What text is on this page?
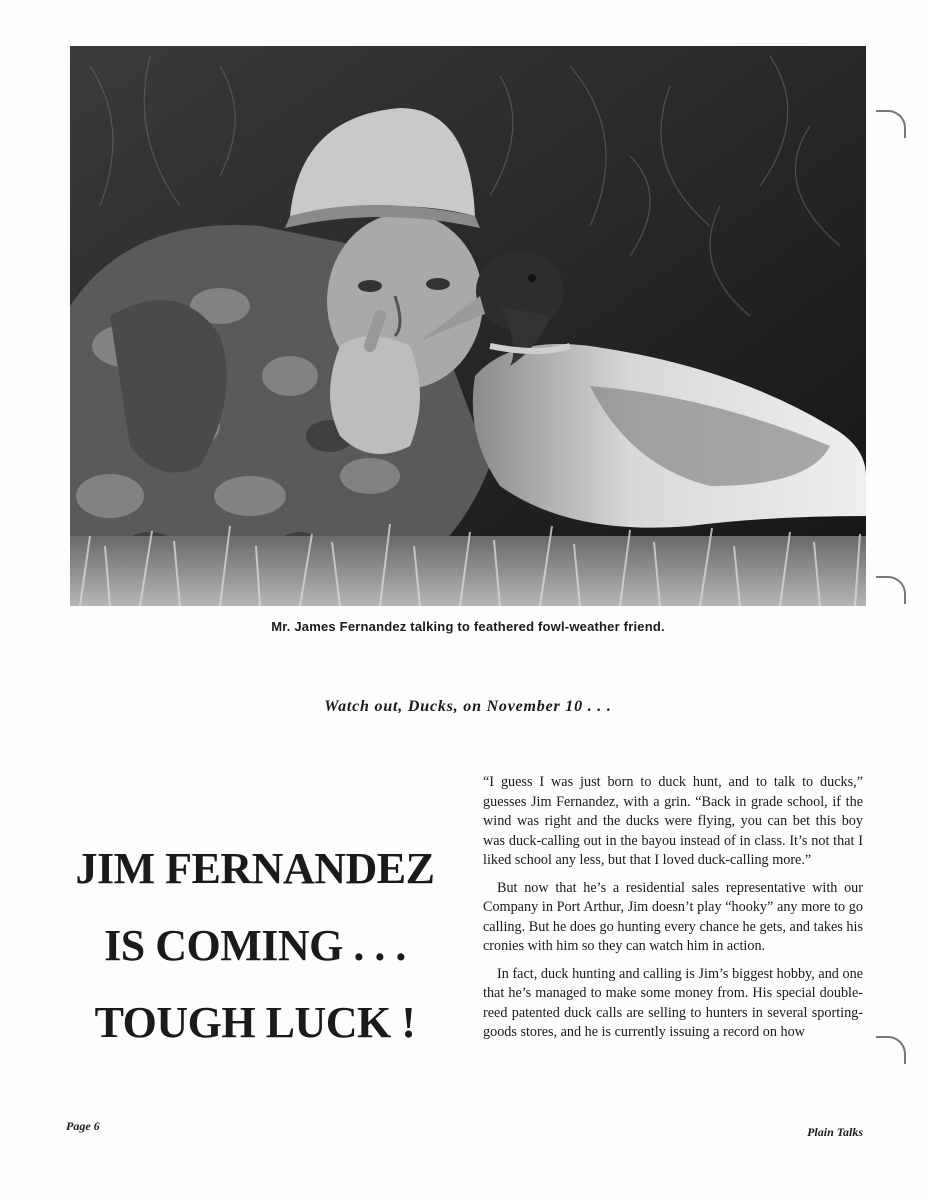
Mr. James Fernandez talking to feathered fowl-weather friend.
Watch out, Ducks, on November 10 . . .
JIM FERNANDEZ
IS COMING . . .
TOUGH LUCK !

“I guess I was just born to duck hunt, and to talk to ducks,” guesses Jim Fernandez, with a grin. “Back in grade school, if the wind was right and the ducks were flying, you can bet this boy was duck-calling out in the bayou instead of in class. It’s not that I liked school any less, but that I loved duck-calling more.”

But now that he’s a residential sales representative with our Company in Port Arthur, Jim doesn’t play “hooky” any more to go calling. But he does go hunting every chance he gets, and takes his cronies with him so they can watch him in action.

In fact, duck hunting and calling is Jim’s biggest hobby, and one that he’s managed to make some money from. His special double-reed patented duck calls are selling to hunters in several sporting-goods stores, and he is currently issuing a record on how

Page 6	Plain Talks
